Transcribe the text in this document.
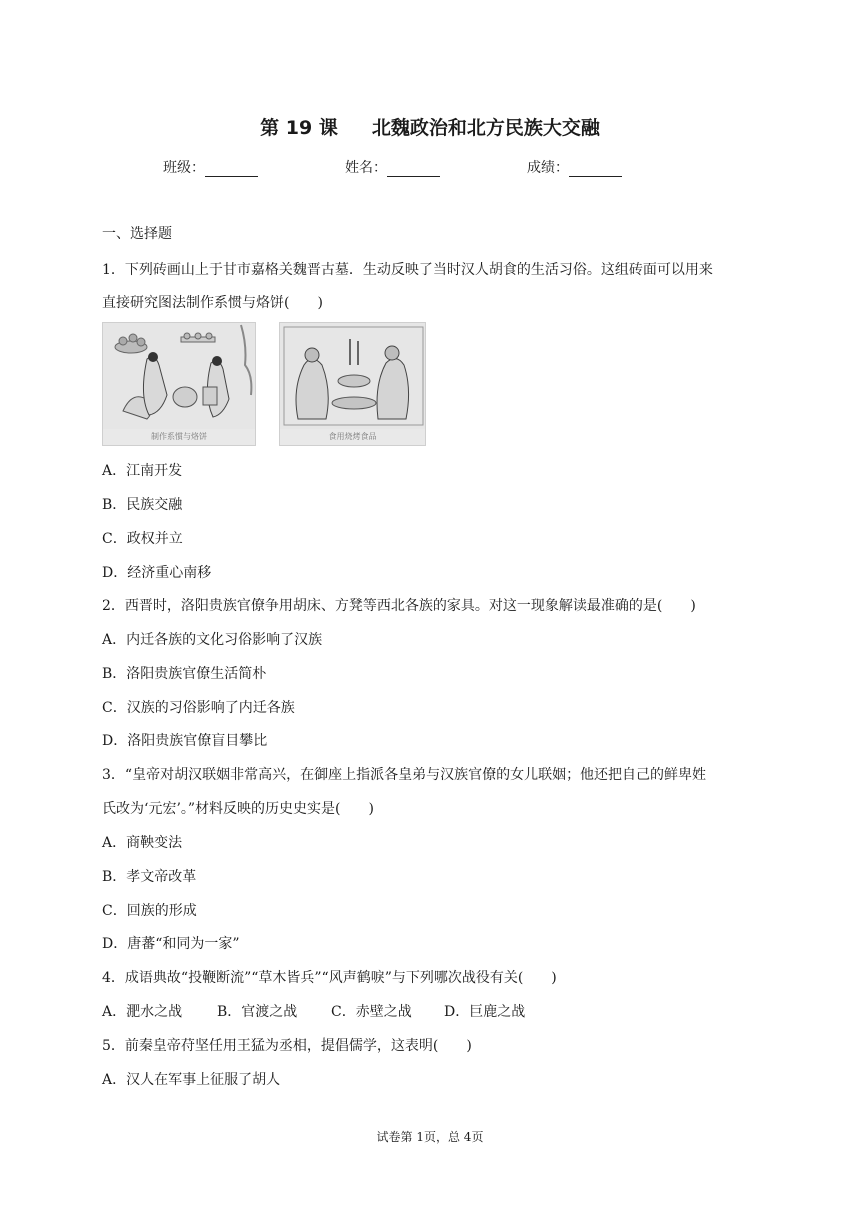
第 19 课 北魏政治和北方民族大交融
班级：	姓名：	成绩：
一、选择题
1．下列砖画山上于甘市嘉格关魏晋古墓．生动反映了当时汉人胡食的生活习俗。这组砖面可以用来
直接研究图法制作系惯与烙饼(　　)
制作系惯与烙饼	食用烧烤食品
A．江南开发
B．民族交融
C．政权并立
D．经济重心南移
2．西晋时，洛阳贵族官僚争用胡床、方凳等西北各族的家具。对这一现象解读最准确的是(　　)
A．内迁各族的文化习俗影响了汉族
B．洛阳贵族官僚生活简朴
C．汉族的习俗影响了内迁各族
D．洛阳贵族官僚盲目攀比
3．“皇帝对胡汉联姻非常高兴，在御座上指派各皇弟与汉族官僚的女儿联姻；他还把自己的鲜卑姓
氏改为‘元宏’。”材料反映的历史史实是(　　)
A．商鞅变法
B．孝文帝改革
C．回族的形成
D．唐蕃“和同为一家”
4．成语典故“投鞭断流”“草木皆兵”“风声鹤唳”与下列哪次战役有关(　　)
A．淝水之战 B．官渡之战 C．赤壁之战 D．巨鹿之战
5．前秦皇帝苻坚任用王猛为丞相，提倡儒学，这表明(　　)
A．汉人在军事上征服了胡人
试卷第 1页，总 4页
